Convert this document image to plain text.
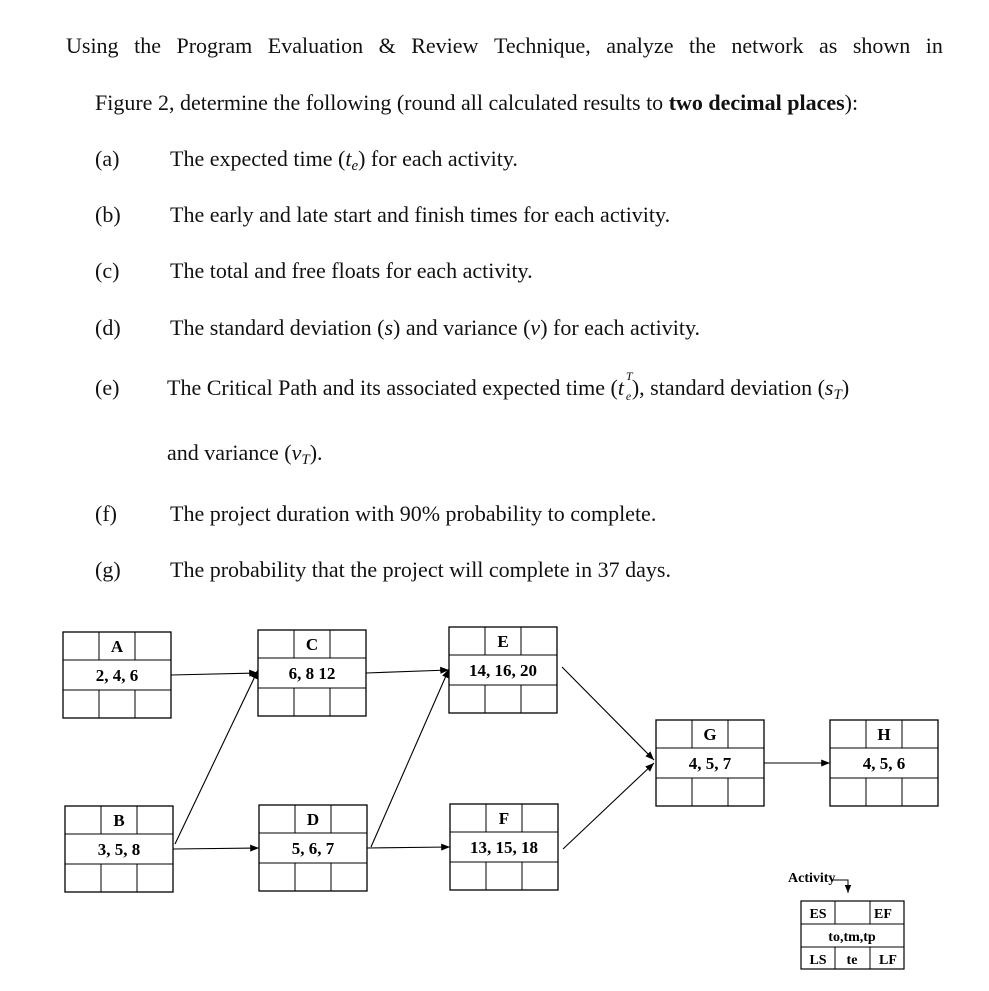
Using the Program Evaluation & Review Technique, analyze the network as shown in
Figure 2, determine the following (round all calculated results to two decimal places):
(a) The expected time $(t_e)$ for each activity.
(b) The early and late start and finish times for each activity.
(c) The total and free floats for each activity.
(d) The standard deviation (s) and variance (ν) for each activity.
(e) The Critical Path and its associated expected time (t T
e ), standard deviation $(s_T)$
and variance $(\nu_T)$.
(f) The project duration with 90% probability to complete.
(g) The probability that the project will complete in 37 days.
A
2, 4, 6
B
3, 5, 8
C
6, 8 12
D
5, 6, 7
E
14, 16, 20
F
13, 15, 18
G
4, 5, 7
H
4, 5, 6
Activity
ES	EF
to,tm,tp
LS te LF
